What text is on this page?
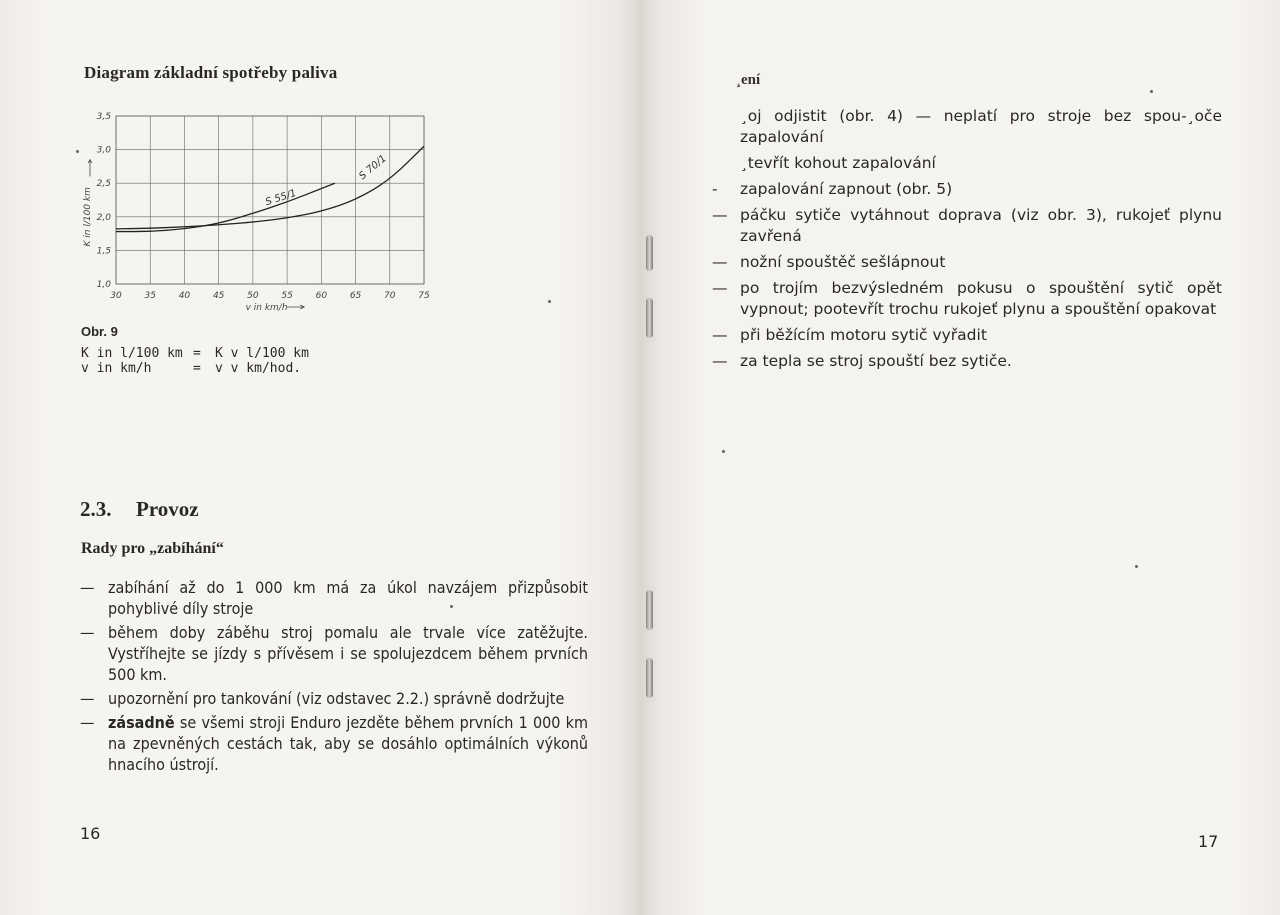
Diagram základní spotřeby paliva
30	35	40	45	50	55	60	65	70	75
1,0
1,5
2,0
2,5
3,0
3,5
v in km/h
K in l/100 km	S 55/1
S 70/1
Obr. 9
K in l/100 km = K v l/100 km
v in km/h	= v v km/hod.
2.3. Provoz
Rady pro „zabíhání“
— zabíhání až do 1 000 km má za úkol navzájem přizpůsobit pohyblivé díly stroje
— během doby záběhu stroj pomalu ale trvale více zatěžujte. Vystříhejte se jízdy s přívěsem i se spolujezdcem během prvních 500 km.
— upozornění pro tankování (viz odstavec 2.2.) správně dodržujte
— zásadně se všemi stroji Enduro jezděte během prvních 1 000 km na zpevněných cestách tak, aby se dosáhlo optimálních výkonů hnacího ústrojí.
16
¸ení
¸oj odjistit (obr. 4) — neplatí pro stroje bez spou-¸oče zapalování
¸tevřít kohout zapalování
- zapalování zapnout (obr. 5)
— páčku sytiče vytáhnout doprava (viz obr. 3), rukojeť plynu zavřená
— nožní spouštěč sešlápnout
— po trojím bezvýsledném pokusu o spouštění sytič opět vypnout; pootevřít trochu rukojeť plynu a spouštění opakovat
— při běžícím motoru sytič vyřadit
— za tepla se stroj spouští bez sytiče.
17
